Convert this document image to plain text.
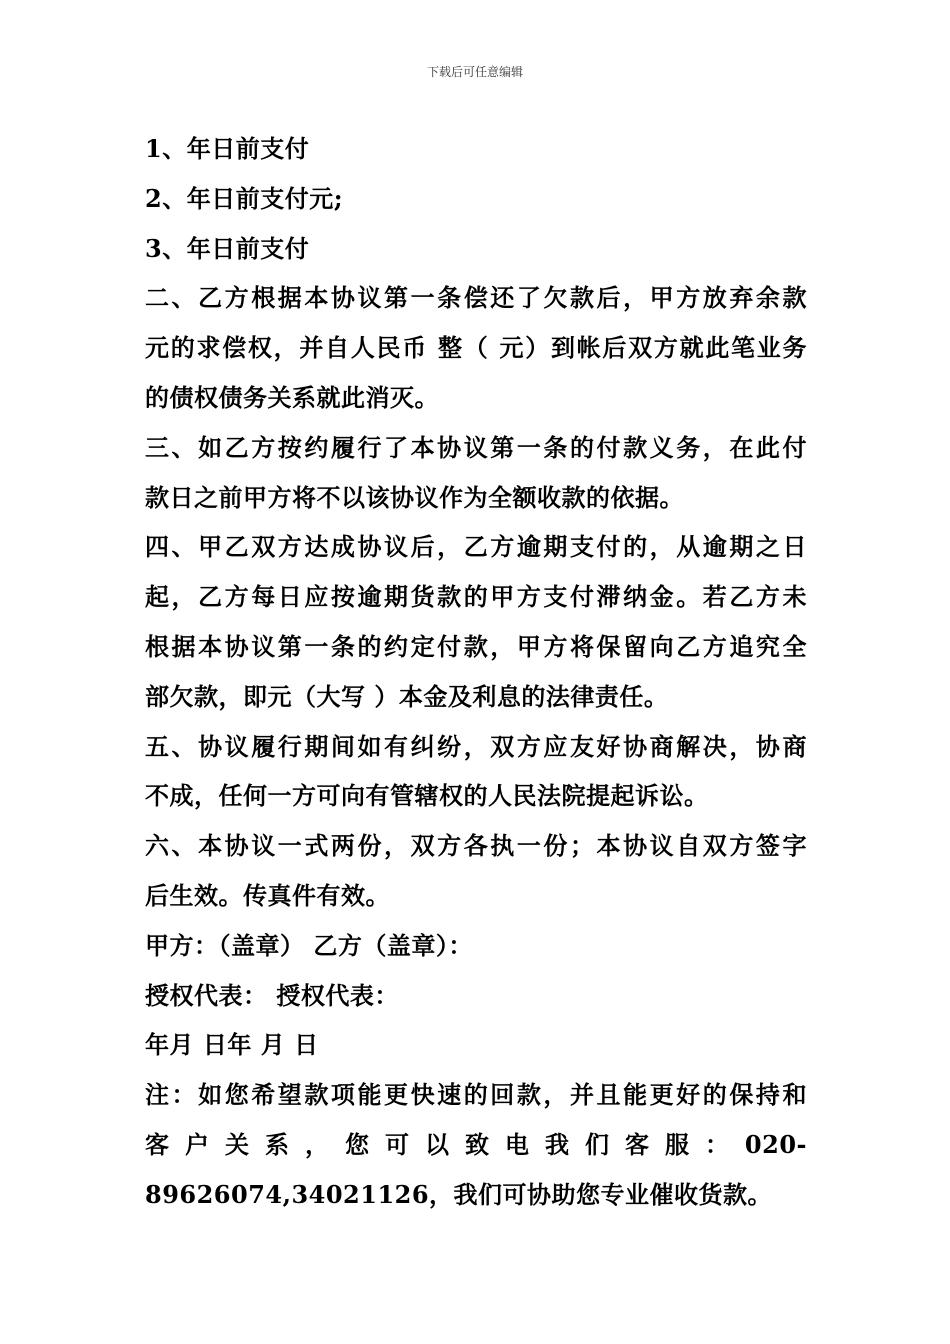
下载后可任意编辑
1、年日前支付
2、年日前支付元;
3、年日前支付
二、乙方根据本协议第一条偿还了欠款后，甲方放弃余款
元的求偿权，并自人民币 整（ 元）到帐后双方就此笔业务
的债权债务关系就此消灭。
三、如乙方按约履行了本协议第一条的付款义务，在此付
款日之前甲方将不以该协议作为全额收款的依据。
四、甲乙双方达成协议后，乙方逾期支付的，从逾期之日
起，乙方每日应按逾期货款的甲方支付滞纳金。若乙方未
根据本协议第一条的约定付款，甲方将保留向乙方追究全
部欠款，即元（大写 ）本金及利息的法律责任。
五、协议履行期间如有纠纷，双方应友好协商解决，协商
不成，任何一方可向有管辖权的人民法院提起诉讼。
六、本协议一式两份，双方各执一份；本协议自双方签字
后生效。传真件有效。
甲方：（盖章） 乙方（盖章）：
授权代表： 授权代表：
年月 日年 月 日
注：如您希望款项能更快速的回款，并且能更好的保持和
客户关系，您可以致电我们客服：020-
89626074,34021126，我们可协助您专业催收货款。
